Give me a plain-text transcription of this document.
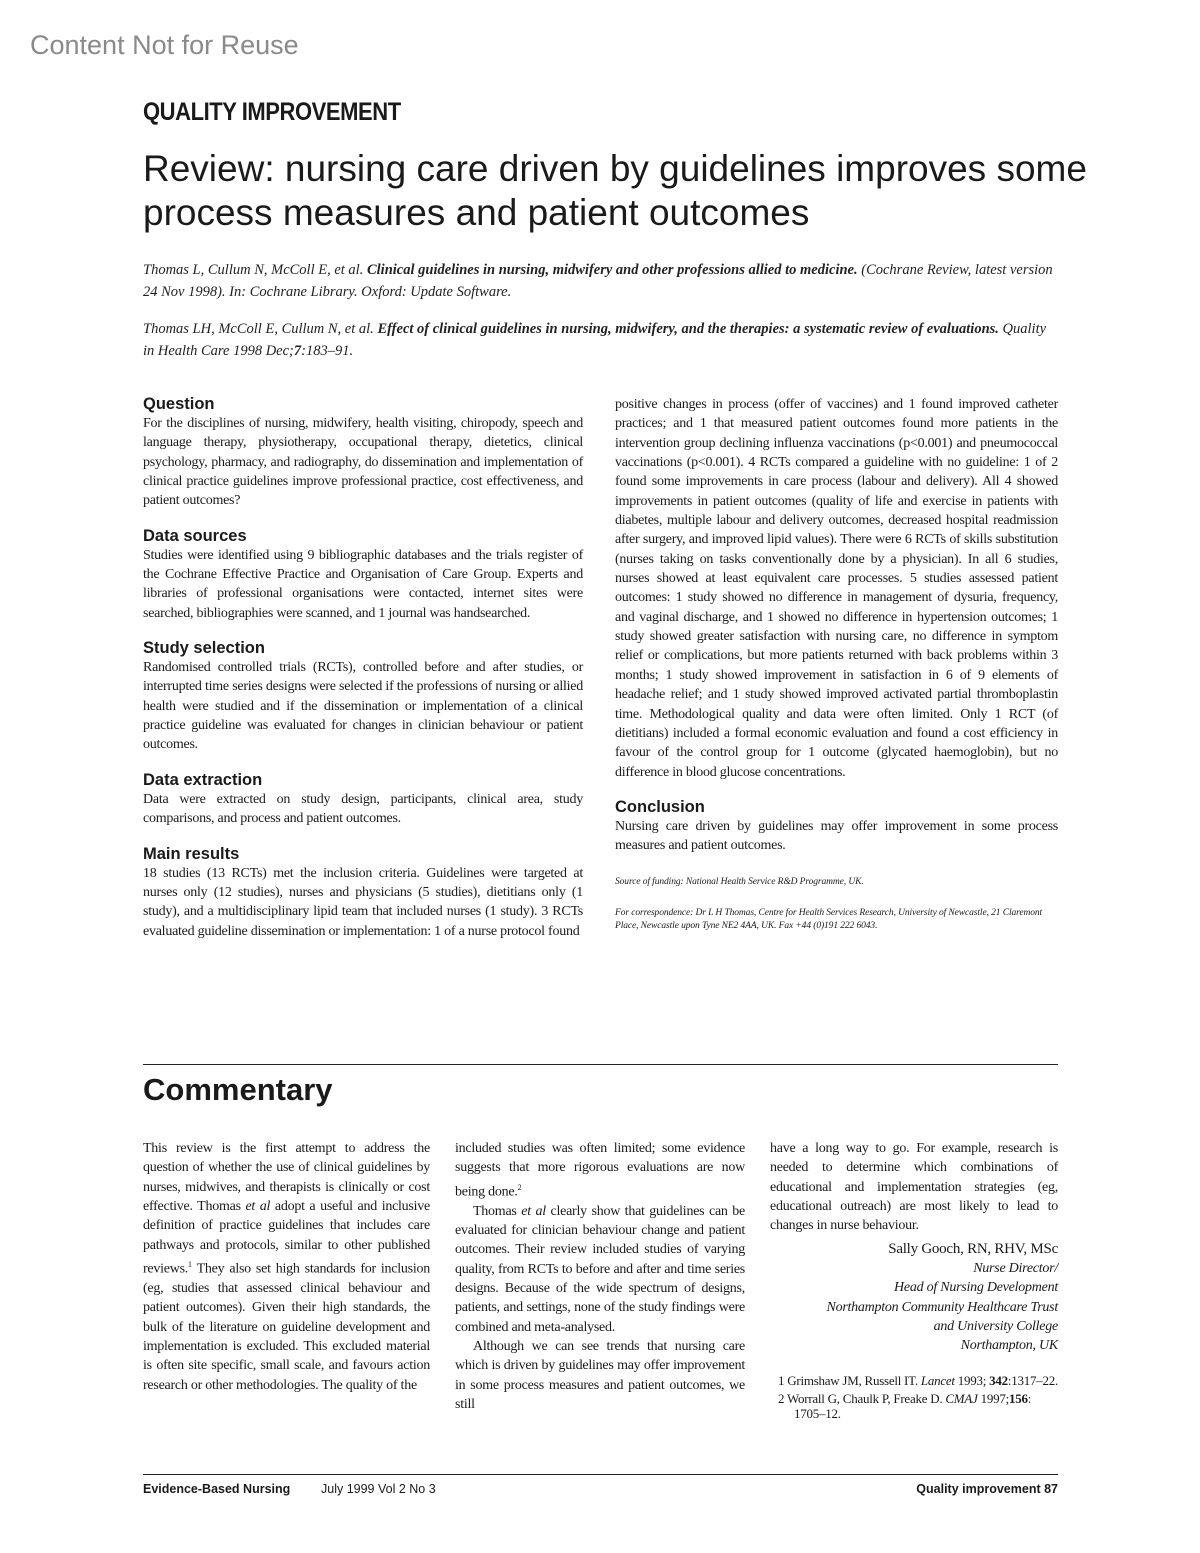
Content Not for Reuse
QUALITY IMPROVEMENT
Review: nursing care driven by guidelines improves some process measures and patient outcomes
Thomas L, Cullum N, McColl E, et al. Clinical guidelines in nursing, midwifery and other professions allied to medicine. (Cochrane Review, latest version 24 Nov 1998). In: Cochrane Library. Oxford: Update Software.
Thomas LH, McColl E, Cullum N, et al. Effect of clinical guidelines in nursing, midwifery, and the therapies: a systematic review of evaluations. Quality in Health Care 1998 Dec;7:183–91.
Question

For the disciplines of nursing, midwifery, health visiting, chiropody, speech and language therapy, physiotherapy, occupational therapy, dietetics, clinical psychology, pharmacy, and radiography, do dissemination and implementation of clinical practice guidelines improve professional practice, cost effectiveness, and patient outcomes?

Data sources

Studies were identified using 9 bibliographic databases and the trials register of the Cochrane Effective Practice and Organisation of Care Group. Experts and libraries of professional organisations were contacted, internet sites were searched, bibliographies were scanned, and 1 journal was handsearched.

Study selection

Randomised controlled trials (RCTs), controlled before and after studies, or interrupted time series designs were selected if the professions of nursing or allied health were studied and if the dissemination or implementation of a clinical practice guideline was evaluated for changes in clinician behaviour or patient outcomes.

Data extraction

Data were extracted on study design, participants, clinical area, study comparisons, and process and patient outcomes.

Main results

18 studies (13 RCTs) met the inclusion criteria. Guidelines were targeted at nurses only (12 studies), nurses and physicians (5 studies), dietitians only (1 study), and a multidisciplinary lipid team that included nurses (1 study). 3 RCTs evaluated guideline dissemination or implementation: 1 of a nurse protocol found

positive changes in process (offer of vaccines) and 1 found improved catheter practices; and 1 that measured patient outcomes found more patients in the intervention group declining influenza vaccinations (p<0.001) and pneumococcal vaccinations (p<0.001). 4 RCTs compared a guideline with no guideline: 1 of 2 found some improvements in care process (labour and delivery). All 4 showed improvements in patient outcomes (quality of life and exercise in patients with diabetes, multiple labour and delivery outcomes, decreased hospital readmission after surgery, and improved lipid values). There were 6 RCTs of skills substitution (nurses taking on tasks conventionally done by a physician). In all 6 studies, nurses showed at least equivalent care processes. 5 studies assessed patient outcomes: 1 study showed no difference in management of dysuria, frequency, and vaginal discharge, and 1 showed no difference in hypertension outcomes; 1 study showed greater satisfaction with nursing care, no difference in symptom relief or complications, but more patients returned with back problems within 3 months; 1 study showed improvement in satisfaction in 6 of 9 elements of headache relief; and 1 study showed improved activated partial thromboplastin time. Methodological quality and data were often limited. Only 1 RCT (of dietitians) included a formal economic evaluation and found a cost efficiency in favour of the control group for 1 outcome (glycated haemoglobin), but no difference in blood glucose concentrations.

Conclusion

Nursing care driven by guidelines may offer improvement in some process measures and patient outcomes.

Source of funding: National Health Service R&D Programme, UK.

For correspondence: Dr L H Thomas, Centre for Health Services Research, University of Newcastle, 21 Claremont Place, Newcastle upon Tyne NE2 4AA, UK. Fax +44 (0)191 222 6043.

Commentary

This review is the first attempt to address the question of whether the use of clinical guidelines by nurses, midwives, and therapists is clinically or cost effective. Thomas et al adopt a useful and inclusive definition of practice guidelines that includes care pathways and protocols, similar to other published reviews.$^1$ They also set high standards for inclusion (eg, studies that assessed clinical behaviour and patient outcomes). Given their high standards, the bulk of the literature on guideline development and implementation is excluded. This excluded material is often site specific, small scale, and favours action research or other methodologies. The quality of the

included studies was often limited; some evidence suggests that more rigorous evaluations are now being done.$^2$

Thomas et al clearly show that guidelines can be evaluated for clinician behaviour change and patient outcomes. Their review included studies of varying quality, from RCTs to before and after and time series designs. Because of the wide spectrum of designs, patients, and settings, none of the study findings were combined and meta-analysed.

Although we can see trends that nursing care which is driven by guidelines may offer improvement in some process measures and patient outcomes, we still

have a long way to go. For example, research is needed to determine which combinations of educational and implementation strategies (eg, educational outreach) are most likely to lead to changes in nurse behaviour.

Sally Gooch, RN, RHV, MSc

Nurse Director/

Head of Nursing Development

Northampton Community Healthcare Trust

and University College

Northampton, UK

1 Grimshaw JM, Russell IT. Lancet 1993; 342:1317–22.

2 Worrall G, Chaulk P, Freake D. CMAJ 1997;156: 1705–12.

Evidence-Based Nursing July 1999 Vol 2 No 3	Quality improvement 87
